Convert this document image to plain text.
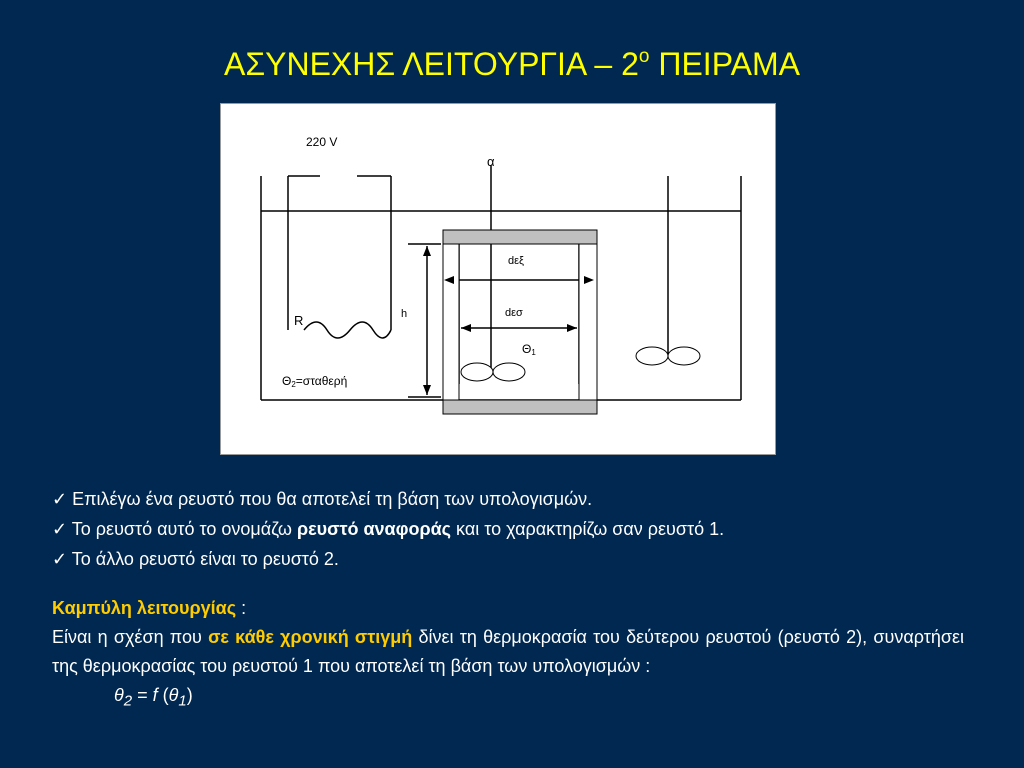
ΑΣΥΝΕΧΗΣ ΛΕΙΤΟΥΡΓΙΑ – $2^o$ ΠΕΙΡΑΜΑ
220 V
α
dεξ
h	dεσ
R
Θ1
Θ2=σταθερή
✓ Επιλέγω ένα ρευστό που θα αποτελεί τη βάση των υπολογισμών.
✓ Το ρευστό αυτό το ονομάζω ρευστό αναφοράς και το χαρακτηρίζω σαν ρευστό 1.
✓ Το άλλο ρευστό είναι το ρευστό 2.
Καμπύλη λειτουργίας :
Είναι η σχέση που σε κάθε χρονική στιγμή δίνει τη θερμοκρασία του δεύτερου ρευστού (ρευστό 2), συναρτήσει της θερμοκρασίας του ρευστού 1 που αποτελεί τη βάση των υπολογισμών :
$\theta_2 = f$ $(\theta_1)$
